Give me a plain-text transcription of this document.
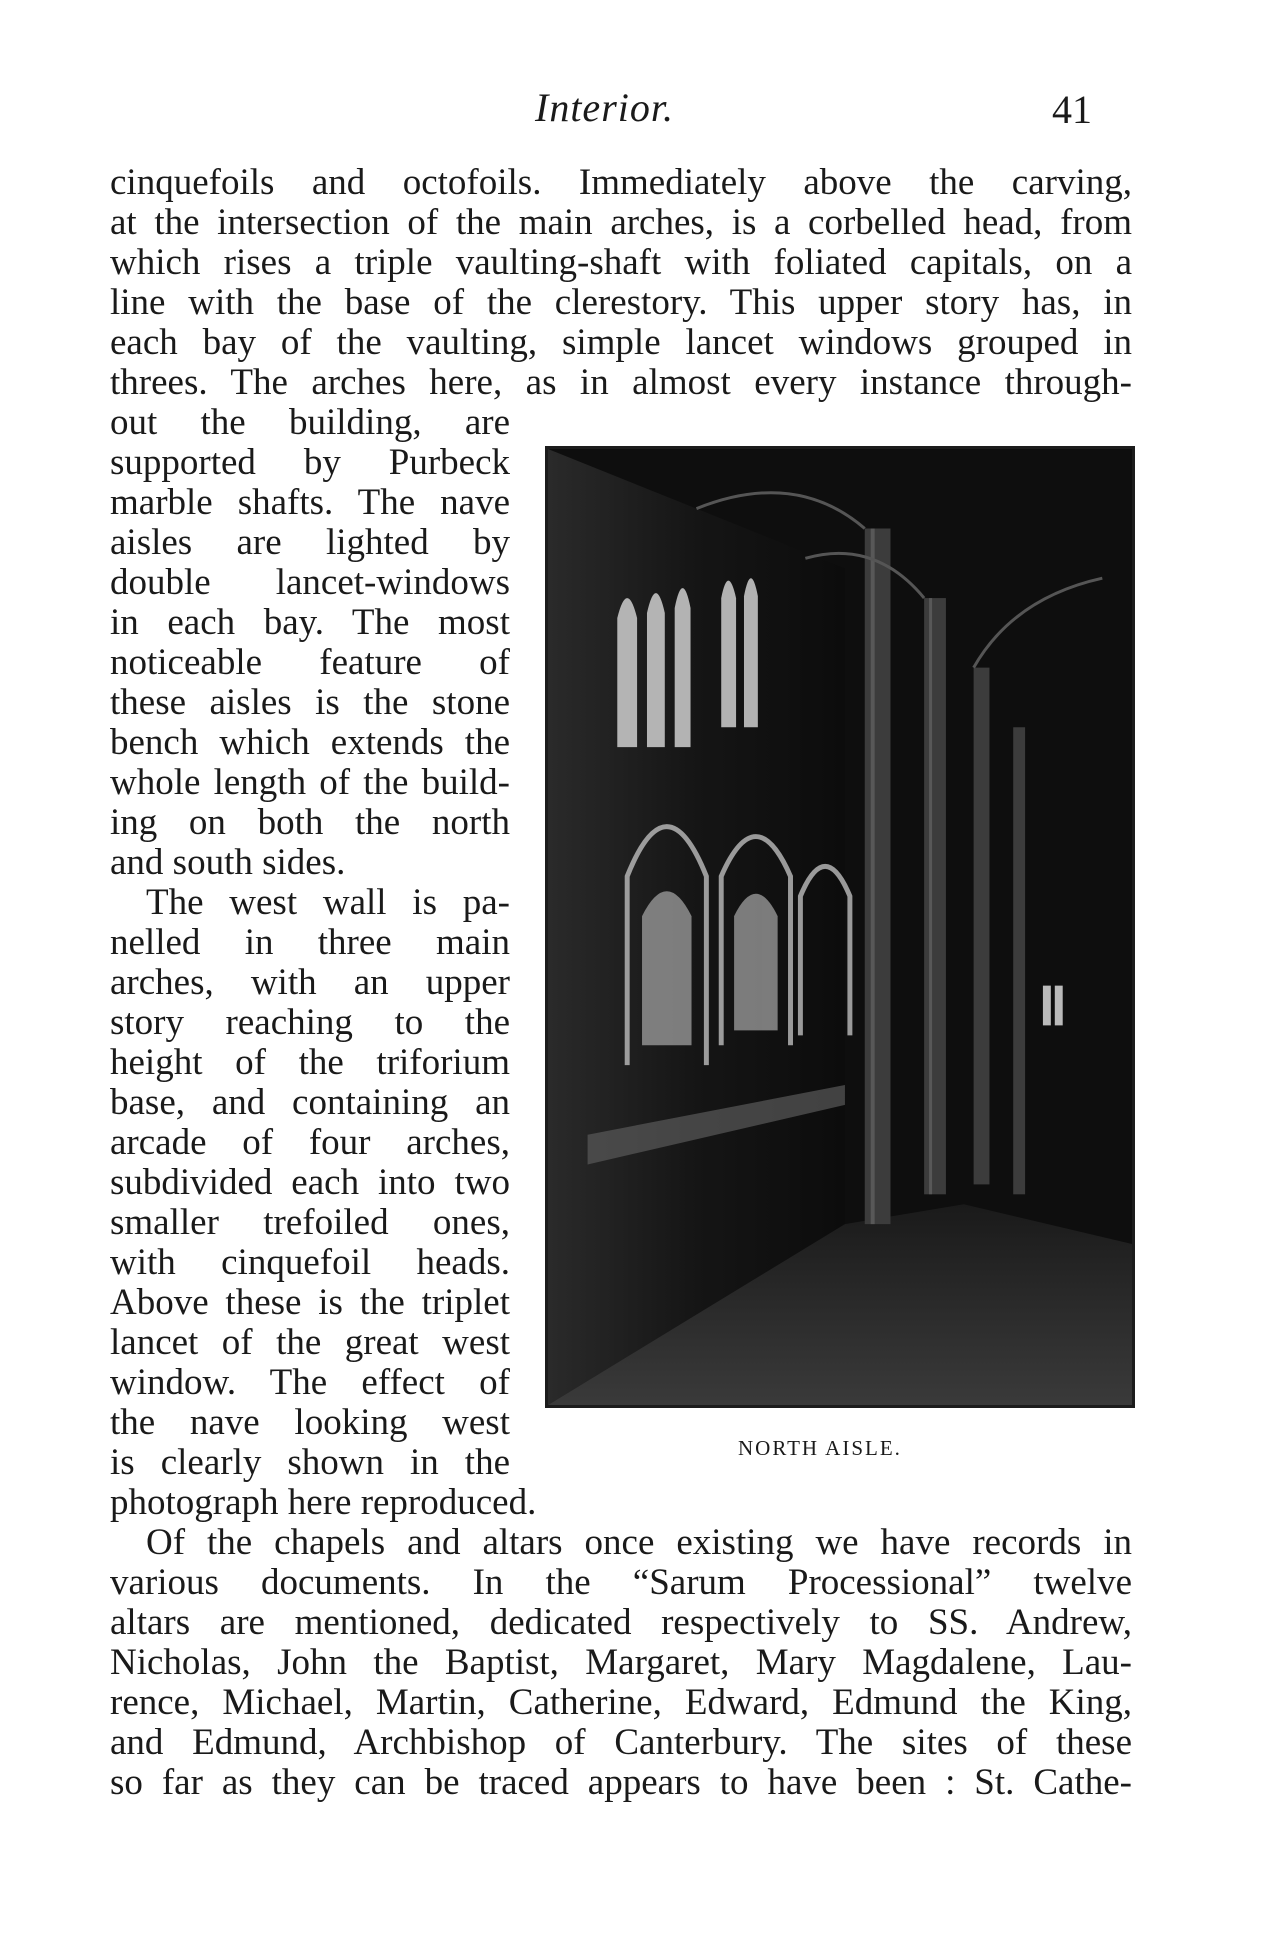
Interior.	41
cinquefoils and octofoils. Immediately above the carving,
at the intersection of the main arches, is a corbelled head, from
which rises a triple vaulting-shaft with foliated capitals, on a
line with the base of the clerestory. This upper story has, in
each bay of the vaulting, simple lancet windows grouped in
threes. The arches here, as in almost every instance through-
out the building, are
supported by Purbeck
marble shafts. The nave
aisles are lighted by
double lancet-windows
in each bay. The most
noticeable feature of
these aisles is the stone
bench which extends the
whole length of the build-
ing on both the north
and south sides.
The west wall is pa-
nelled in three main
arches, with an upper
story reaching to the
height of the triforium
base, and containing an
arcade of four arches,
subdivided each into two
smaller trefoiled ones,
with cinquefoil heads.
Above these is the triplet
lancet of the great west
window. The effect of
the nave looking west
is clearly shown in the
photograph here reproduced.
Of the chapels and altars once existing we have records in
various documents. In the “Sarum Processional” twelve
altars are mentioned, dedicated respectively to SS. Andrew,
Nicholas, John the Baptist, Margaret, Mary Magdalene, Lau-
rence, Michael, Martin, Catherine, Edward, Edmund the King,
and Edmund, Archbishop of Canterbury. The sites of these
so far as they can be traced appears to have been : St. Cathe-
NORTH AISLE.
